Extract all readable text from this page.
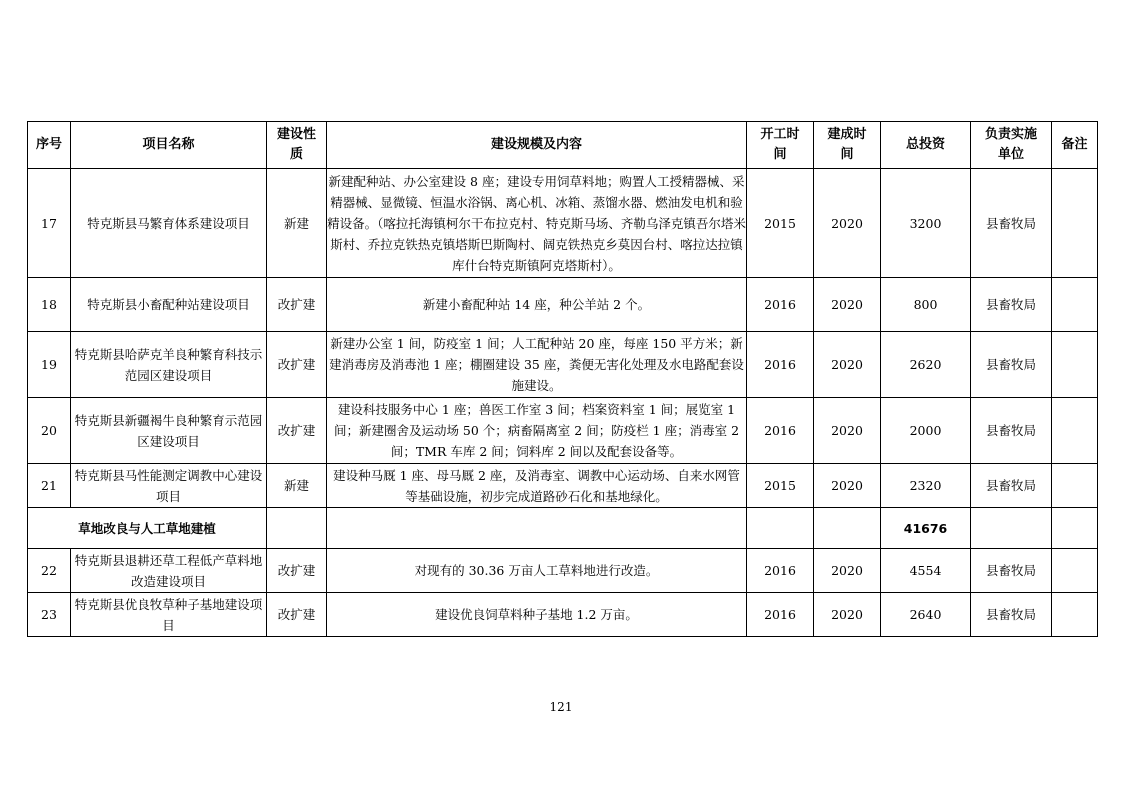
序号	项目名称	建设性质	建设规模及内容	开工时间	建成时间	总投资	负责实施单位	备注
17	特克斯县马繁育体系建设项目	新建	新建配种站、办公室建设 8 座；建设专用饲草料地；购置人工授精器械、采精器械、显微镜、恒温水浴锅、离心机、冰箱、蒸馏水器、燃油发电机和验精设备。（喀拉托海镇柯尔干布拉克村、特克斯马场、齐勒乌泽克镇吾尔塔米斯村、乔拉克铁热克镇塔斯巴斯陶村、阔克铁热克乡莫因台村、喀拉达拉镇库什台特克斯镇阿克塔斯村）。	2015	2020	3200	县畜牧局	
18	特克斯县小畜配种站建设项目	改扩建	新建小畜配种站 14 座，种公羊站 2 个。	2016	2020	800	县畜牧局	
19	特克斯县哈萨克羊良种繁育科技示范园区建设项目	改扩建	新建办公室 1 间，防疫室 1 间；人工配种站 20 座，每座 150 平方米；新建消毒房及消毒池 1 座；棚圈建设 35 座，粪便无害化处理及水电路配套设施建设。	2016	2020	2620	县畜牧局	
20	特克斯县新疆褐牛良种繁育示范园区建设项目	改扩建	建设科技服务中心 1 座；兽医工作室 3 间；档案资料室 1 间；展览室 1 间；新建圈舍及运动场 50 个；病畜隔离室 2 间；防疫栏 1 座；消毒室 2 间；TMR 车库 2 间；饲料库 2 间以及配套设备等。	2016	2020	2000	县畜牧局	
21	特克斯县马性能测定调教中心建设项目	新建	建设种马厩 1 座、母马厩 2 座，及消毒室、调教中心运动场、自来水网管等基础设施，初步完成道路砂石化和基地绿化。	2015	2020	2320	县畜牧局	
草地改良与人工草地建植						41676		
22	特克斯县退耕还草工程低产草料地改造建设项目	改扩建	对现有的 30.36 万亩人工草料地进行改造。	2016	2020	4554	县畜牧局	
23	特克斯县优良牧草种子基地建设项目	改扩建	建设优良饲草料种子基地 1.2 万亩。	2016	2020	2640	县畜牧局	
121
